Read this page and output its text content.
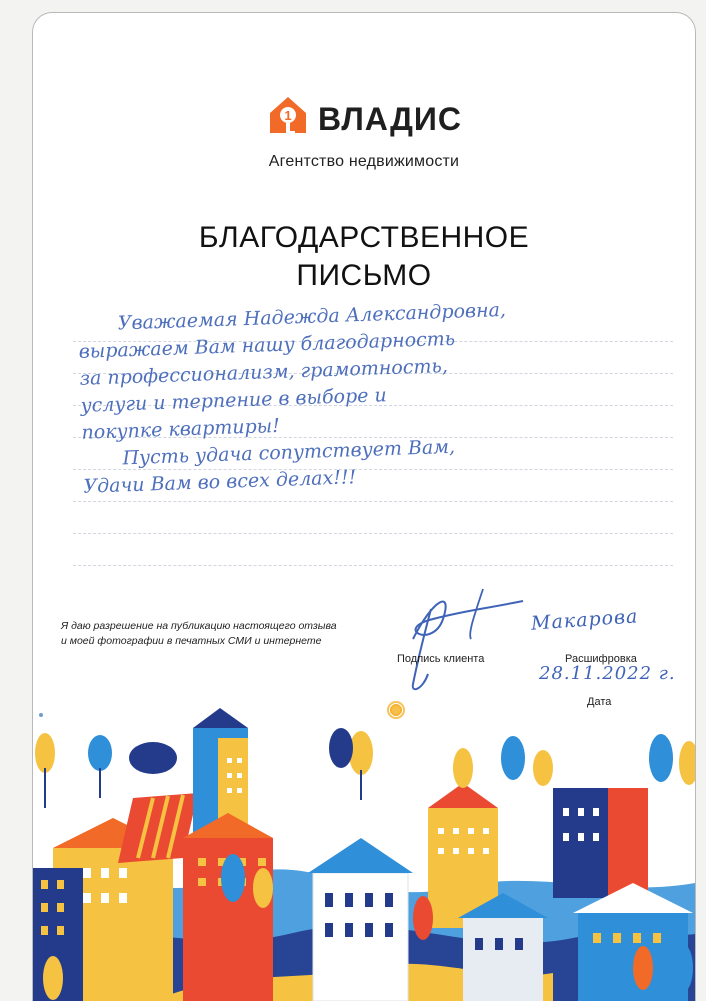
1 ВЛАДИС
Агентство недвижимости
БЛАГОДАРСТВЕННОЕ
ПИСЬМО
Уважаемая Надежда Александровна,
выражаем Вам нашу благодарность
за профессионализм, грамотность,
услуги и терпение в выборе и
покупке квартиры!
Пусть удача сопутствует Вам,
Удачи Вам во всех делах!!!
Я даю разрешение на публикацию настоящего отзыва
и моей фотографии в печатных СМИ и интернете
Подпись клиента
Макарова
Расшифровка
28.11.2022 г.
Дата
